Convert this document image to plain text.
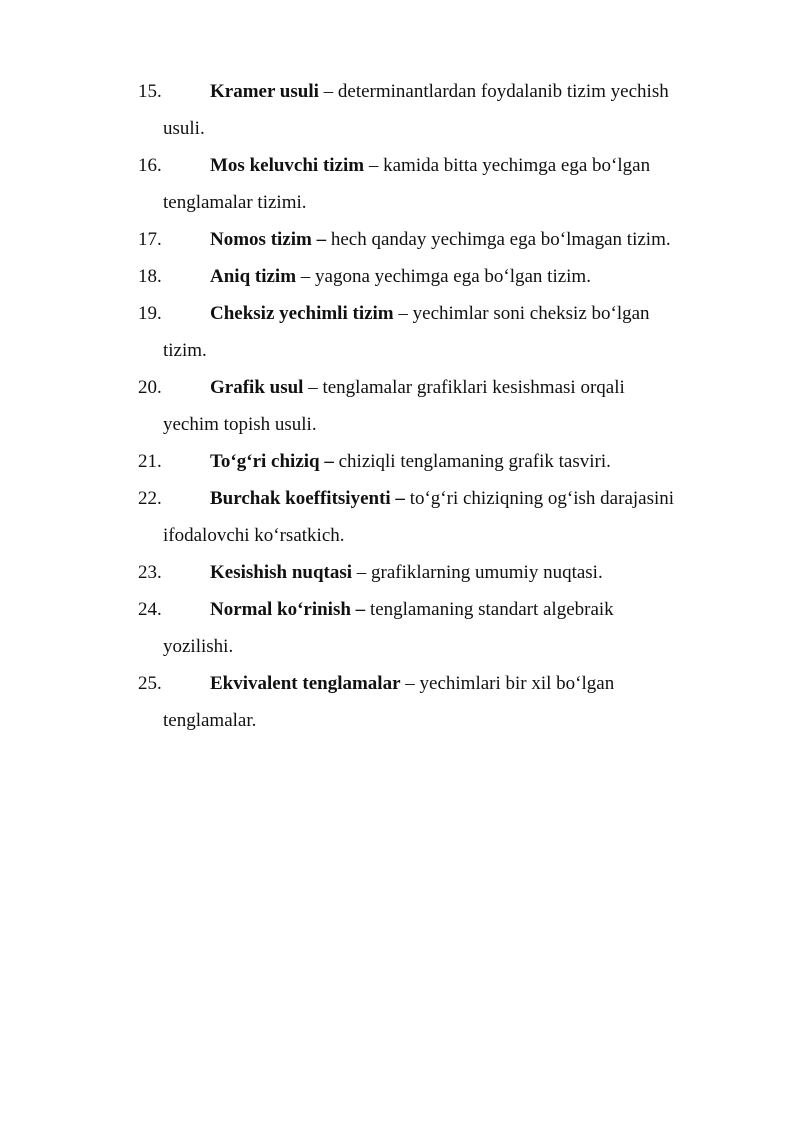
15.	Kramer usuli – determinantlardan foydalanib tizim yechish
usuli.
16.	Mos keluvchi tizim – kamida bitta yechimga ega bo‘lgan
tenglamalar tizimi.
17.	Nomos tizim – hech qanday yechimga ega bo‘lmagan tizim.
18.	Aniq tizim – yagona yechimga ega bo‘lgan tizim.
19.	Cheksiz yechimli tizim – yechimlar soni cheksiz bo‘lgan
tizim.
20.	Grafik usul – tenglamalar grafiklari kesishmasi orqali
yechim topish usuli.
21.	To‘g‘ri chiziq – chiziqli tenglamaning grafik tasviri.
22.	Burchak koeffitsiyenti – to‘g‘ri chiziqning og‘ish darajasini
ifodalovchi ko‘rsatkich.
23.	Kesishish nuqtasi – grafiklarning umumiy nuqtasi.
24.	Normal ko‘rinish – tenglamaning standart algebraik
yozilishi.
25.	Ekvivalent tenglamalar – yechimlari bir xil bo‘lgan
tenglamalar.
